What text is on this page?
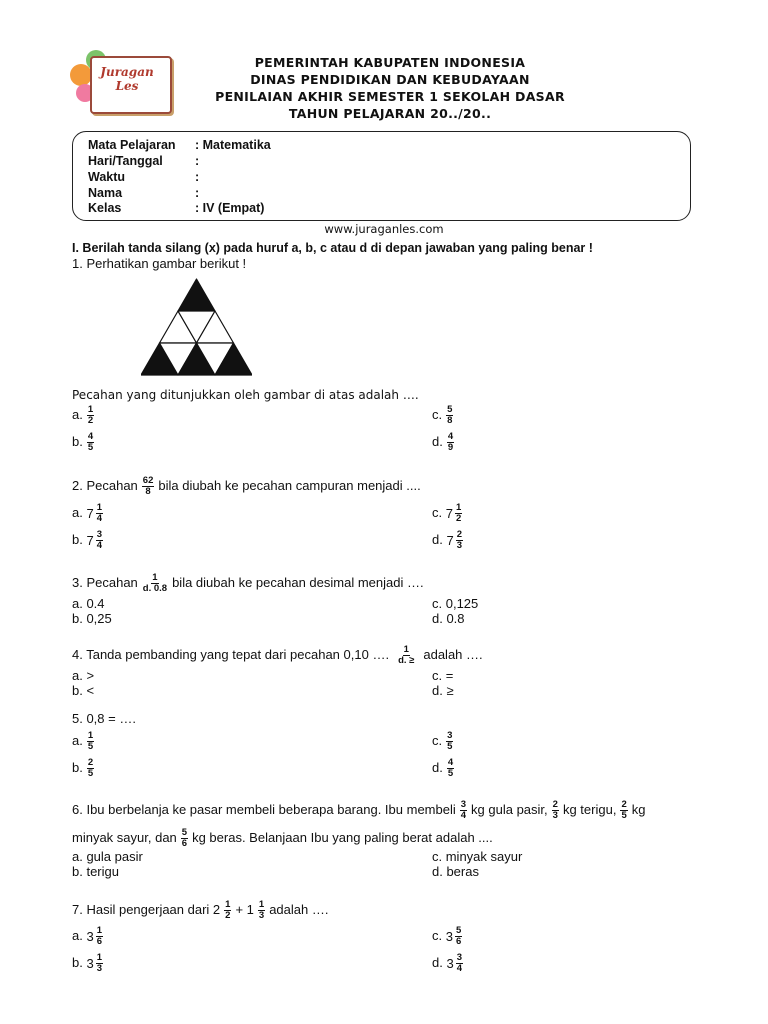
Juragan
Les
PEMERINTAH KABUPATEN INDONESIA
DINAS PENDIDIKAN DAN KEBUDAYAAN
PENILAIAN AKHIR SEMESTER 1 SEKOLAH DASAR
TAHUN PELAJARAN 20../20..
Mata Pelajaran : Matematika
Hari/Tanggal	:
Waktu	:
Nama	:
Kelas	: IV (Empat)
www.juraganles.com
I. Berilah tanda silang (x) pada huruf a, b, c atau d di depan jawaban yang paling benar !
1. Perhatikan gambar berikut !
Pecahan yang ditunjukkan oleh gambar di atas adalah ….
a. $\frac{1}{2}$
b. $\frac{4}{5}$
c. $\frac{5}{8}$
d. $\frac{4}{9}$
2. Pecahan $\frac{62}{8}$ bila diubah ke pecahan campuran menjadi ....
a. $7 \frac{1}{4}$
b. $7 \frac{3}{4}$
c. $7 \frac{1}{2}$
d. $7 \frac{2}{3}$
3. Pecahan $\frac{1}{d. 0.8}$ bila diubah ke pecahan desimal menjadi ….
a. 0.4
b. 0,25
c. 0,125
d. 0.8
4. Tanda pembanding yang tepat dari pecahan 0,10 …. $\frac{1}{d. \ge}$ adalah ….
a. >
b. <
c. =
d. ≥
5. 0,8 = ….
a. $\frac{1}{5}$
b. $\frac{2}{5}$
c. $\frac{3}{5}$
d. $\frac{4}{5}$
6. Ibu berbelanja ke pasar membeli beberapa barang. Ibu membeli $\frac{3}{4}$ kg gula pasir, $\frac{2}{3}$ kg terigu, $\frac{2}{5}$ kg
minyak sayur, dan $\frac{5}{6}$ kg beras. Belanjaan Ibu yang paling berat adalah ....
a. gula pasir
b. terigu
c. minyak sayur
d. beras
7. Hasil pengerjaan dari $2 \frac{1}{2} + 1 \frac{1}{3}$ adalah ….
a. $3 \frac{1}{6}$
b. $3 \frac{1}{3}$
c. $3 \frac{5}{6}$
d. $3 \frac{3}{4}$
